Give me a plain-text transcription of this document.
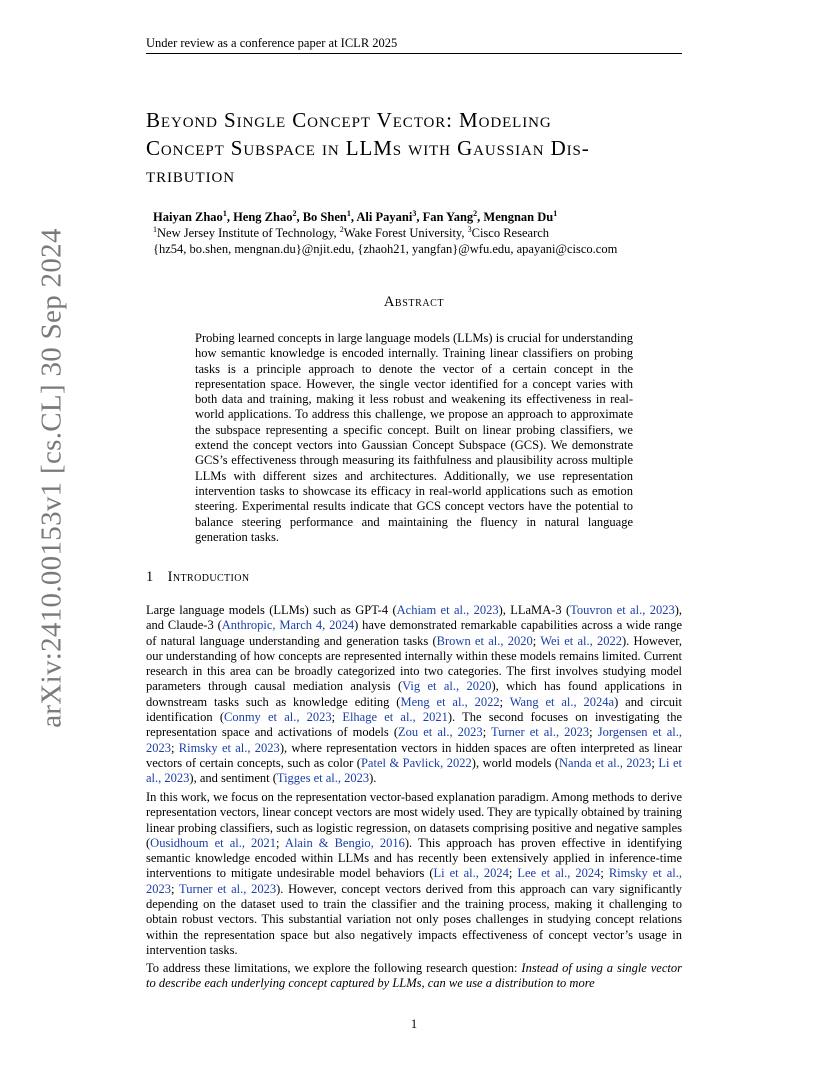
Under review as a conference paper at ICLR 2025
arXiv:2410.00153v1 [cs.CL] 30 Sep 2024
Beyond Single Concept Vector: Modeling
Concept Subspace in LLMs with Gaussian Dis-
tribution
Haiyan Zhao$^1$, Heng Zhao$^2$, Bo Shen$^1$, Ali Payani$^3$, Fan Yang$^2$, Mengnan Du$^1$
$^1$New Jersey Institute of Technology, $^2$Wake Forest University, $^3$Cisco Research
{hz54, bo.shen, mengnan.du}@njit.edu, {zhaoh21, yangfan}@wfu.edu, apayani@cisco.com
Abstract
Probing learned concepts in large language models (LLMs) is crucial for understanding how semantic knowledge is encoded internally. Training linear classifiers on probing tasks is a principle approach to denote the vector of a certain concept in the representation space. However, the single vector identified for a concept varies with both data and training, making it less robust and weakening its effectiveness in real-world applications. To address this challenge, we propose an approach to approximate the subspace representing a specific concept. Built on linear probing classifiers, we extend the concept vectors into Gaussian Concept Subspace (GCS). We demonstrate GCS’s effectiveness through measuring its faithfulness and plausibility across multiple LLMs with different sizes and architectures. Additionally, we use representation intervention tasks to showcase its efficacy in real-world applications such as emotion steering. Experimental results indicate that GCS concept vectors have the potential to balance steering performance and maintaining the fluency in natural language generation tasks.
1 Introduction
Large language models (LLMs) such as GPT-4 (Achiam et al., 2023), LLaMA-3 (Touvron et al., 2023), and Claude-3 (Anthropic, March 4, 2024) have demonstrated remarkable capabilities across a wide range of natural language understanding and generation tasks (Brown et al., 2020; Wei et al., 2022). However, our understanding of how concepts are represented internally within these models remains limited. Current research in this area can be broadly categorized into two categories. The first involves studying model parameters through causal mediation analysis (Vig et al., 2020), which has found applications in downstream tasks such as knowledge editing (Meng et al., 2022; Wang et al., 2024a) and circuit identification (Conmy et al., 2023; Elhage et al., 2021). The second focuses on investigating the representation space and activations of models (Zou et al., 2023; Turner et al., 2023; Jorgensen et al., 2023; Rimsky et al., 2023), where representation vectors in hidden spaces are often interpreted as linear vectors of certain concepts, such as color (Patel & Pavlick, 2022), world models (Nanda et al., 2023; Li et al., 2023), and sentiment (Tigges et al., 2023).
In this work, we focus on the representation vector-based explanation paradigm. Among methods to derive representation vectors, linear concept vectors are most widely used. They are typically obtained by training linear probing classifiers, such as logistic regression, on datasets comprising positive and negative samples (Ousidhoum et al., 2021; Alain & Bengio, 2016). This approach has proven effective in identifying semantic knowledge encoded within LLMs and has recently been extensively applied in inference-time interventions to mitigate undesirable model behaviors (Li et al., 2024; Lee et al., 2024; Rimsky et al., 2023; Turner et al., 2023). However, concept vectors derived from this approach can vary significantly depending on the dataset used to train the classifier and the training process, making it challenging to obtain robust vectors. This substantial variation not only poses challenges in studying concept relations within the representation space but also negatively impacts effectiveness of concept vector’s usage in intervention tasks.
To address these limitations, we explore the following research question: Instead of using a single vector to describe each underlying concept captured by LLMs, can we use a distribution to more
1
